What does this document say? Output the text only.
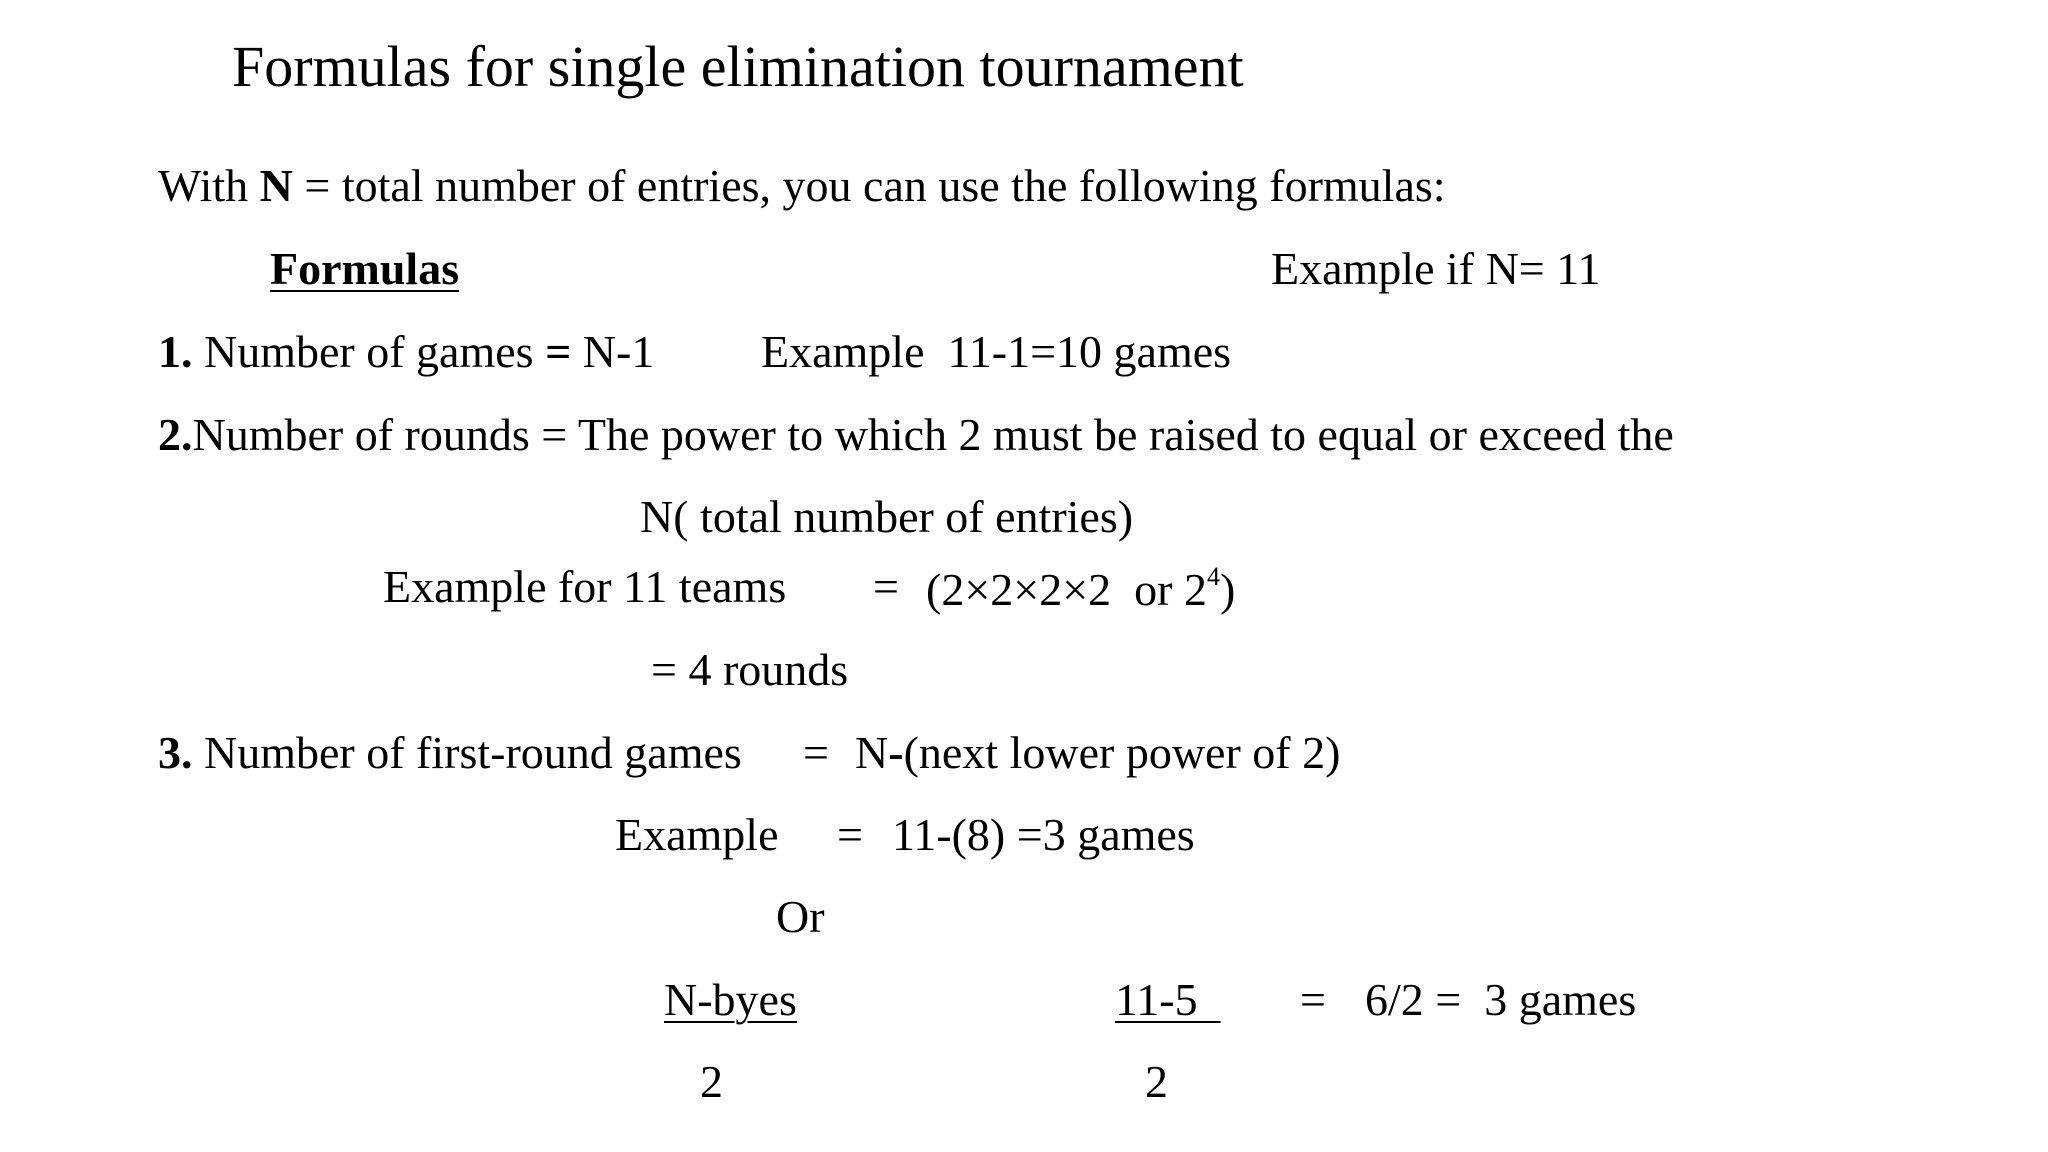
Formulas for single elimination tournament
With N = total number of entries, you can use the following formulas:
Formulas	Example if N= 11
1. Number of games = N-1 Example  11-1=10 games
2.Number of rounds = The power to which 2 must be raised to equal or exceed the
N( total number of entries)
Example for 11 teams = (2×2×2×2  or $2^4$)
= 4 rounds
3. Number of first-round games = N-(next lower power of 2)
Example = 11-(8) =3 games
Or
N-byes
2
11-5
2
= 6/2 =  3 games
